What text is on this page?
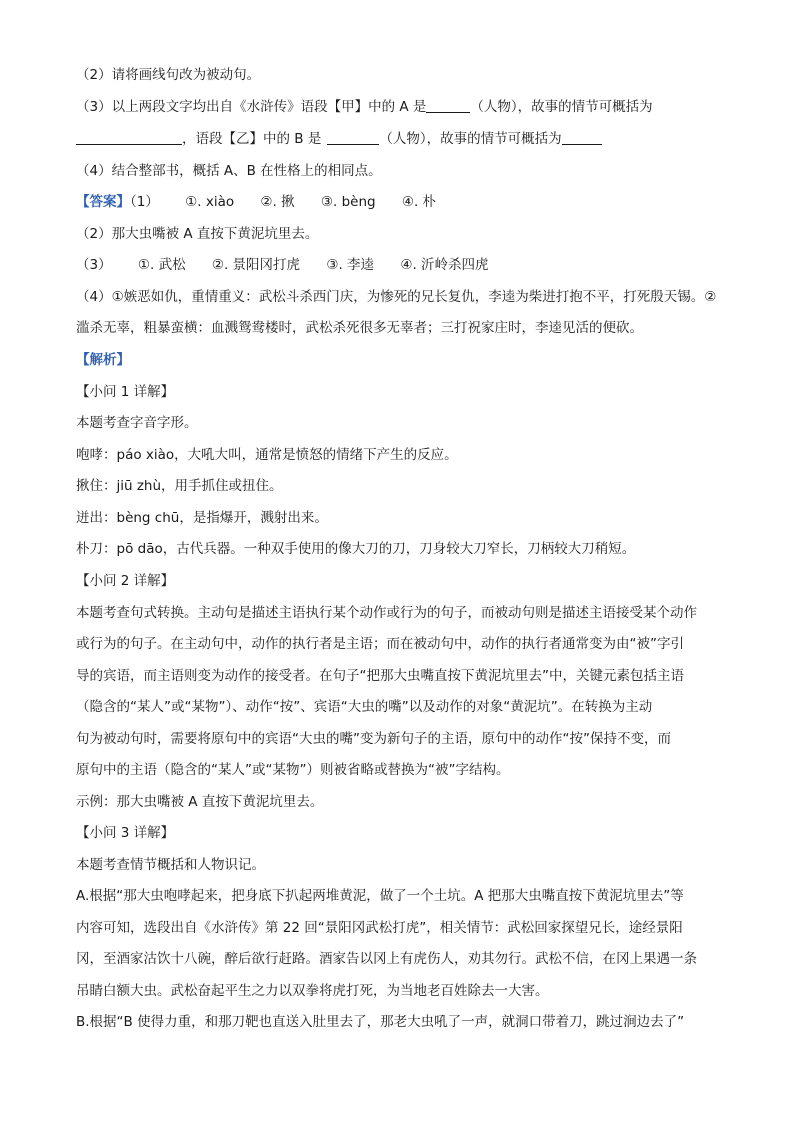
（2）请将画线句改为被动句。
（3）以上两段文字均出自《水浒传》语段【甲】中的 A 是	（人物），故事的情节可概括为
，语段【乙】中的 B 是	（人物），故事的情节可概括为
（4）结合整部书，概括 A、B 在性格上的相同点。
【答案】（1） ①. xiào ②. 揪 ③. bèng ④. 朴
（2）那大虫嘴被 A 直按下黄泥坑里去。
（3） ①. 武松 ②. 景阳冈打虎 ③. 李逵 ④. 沂岭杀四虎
（4）①嫉恶如仇，重情重义：武松斗杀西门庆，为惨死的兄长复仇，李逵为柴进打抱不平，打死殷天锡。②
滥杀无辜，粗暴蛮横：血溅鸳鸯楼时，武松杀死很多无辜者；三打祝家庄时，李逵见活的便砍。
【解析】
【小问 1 详解】
本题考查字音字形。
咆哮：páo xiào，大吼大叫，通常是愤怒的情绪下产生的反应。
揪住：jiū zhù，用手抓住或扭住。
迸出：bèng chū，是指爆开，溅射出来。
朴刀：pō dāo，古代兵器。一种双手使用的像大刀的刀，刀身较大刀窄长，刀柄较大刀稍短。
【小问 2 详解】
本题考查句式转换。主动句是描述主语执行某个动作或行为的句子，而被动句则是描述主语接受某个动作
或行为的句子。在主动句中，动作的执行者是主语；而在被动句中，动作的执行者通常变为由“被”字引
导的宾语，而主语则变为动作的接受者。在句子“把那大虫嘴直按下黄泥坑里去”中，关键元素包括主语
（隐含的“某人”或“某物”）、动作“按”、宾语“大虫的嘴”以及动作的对象“黄泥坑”。在转换为主动
句为被动句时，需要将原句中的宾语“大虫的嘴”变为新句子的主语，原句中的动作“按”保持不变，而
原句中的主语（隐含的“某人”或“某物”）则被省略或替换为“被”字结构。
示例：那大虫嘴被 A 直按下黄泥坑里去。
【小问 3 详解】
本题考查情节概括和人物识记。
A.根据“那大虫咆哮起来，把身底下扒起两堆黄泥，做了一个土坑。A 把那大虫嘴直按下黄泥坑里去”等
内容可知，选段出自《水浒传》第 22 回“景阳冈武松打虎”，相关情节：武松回家探望兄长，途经景阳
冈，至酒家沽饮十八碗，醉后欲行赶路。酒家告以冈上有虎伤人，劝其勿行。武松不信，在冈上果遇一条
吊睛白额大虫。武松奋起平生之力以双拳将虎打死，为当地老百姓除去一大害。
B.根据“B 使得力重，和那刀靶也直送入肚里去了，那老大虫吼了一声，就洞口带着刀，跳过涧边去了”
